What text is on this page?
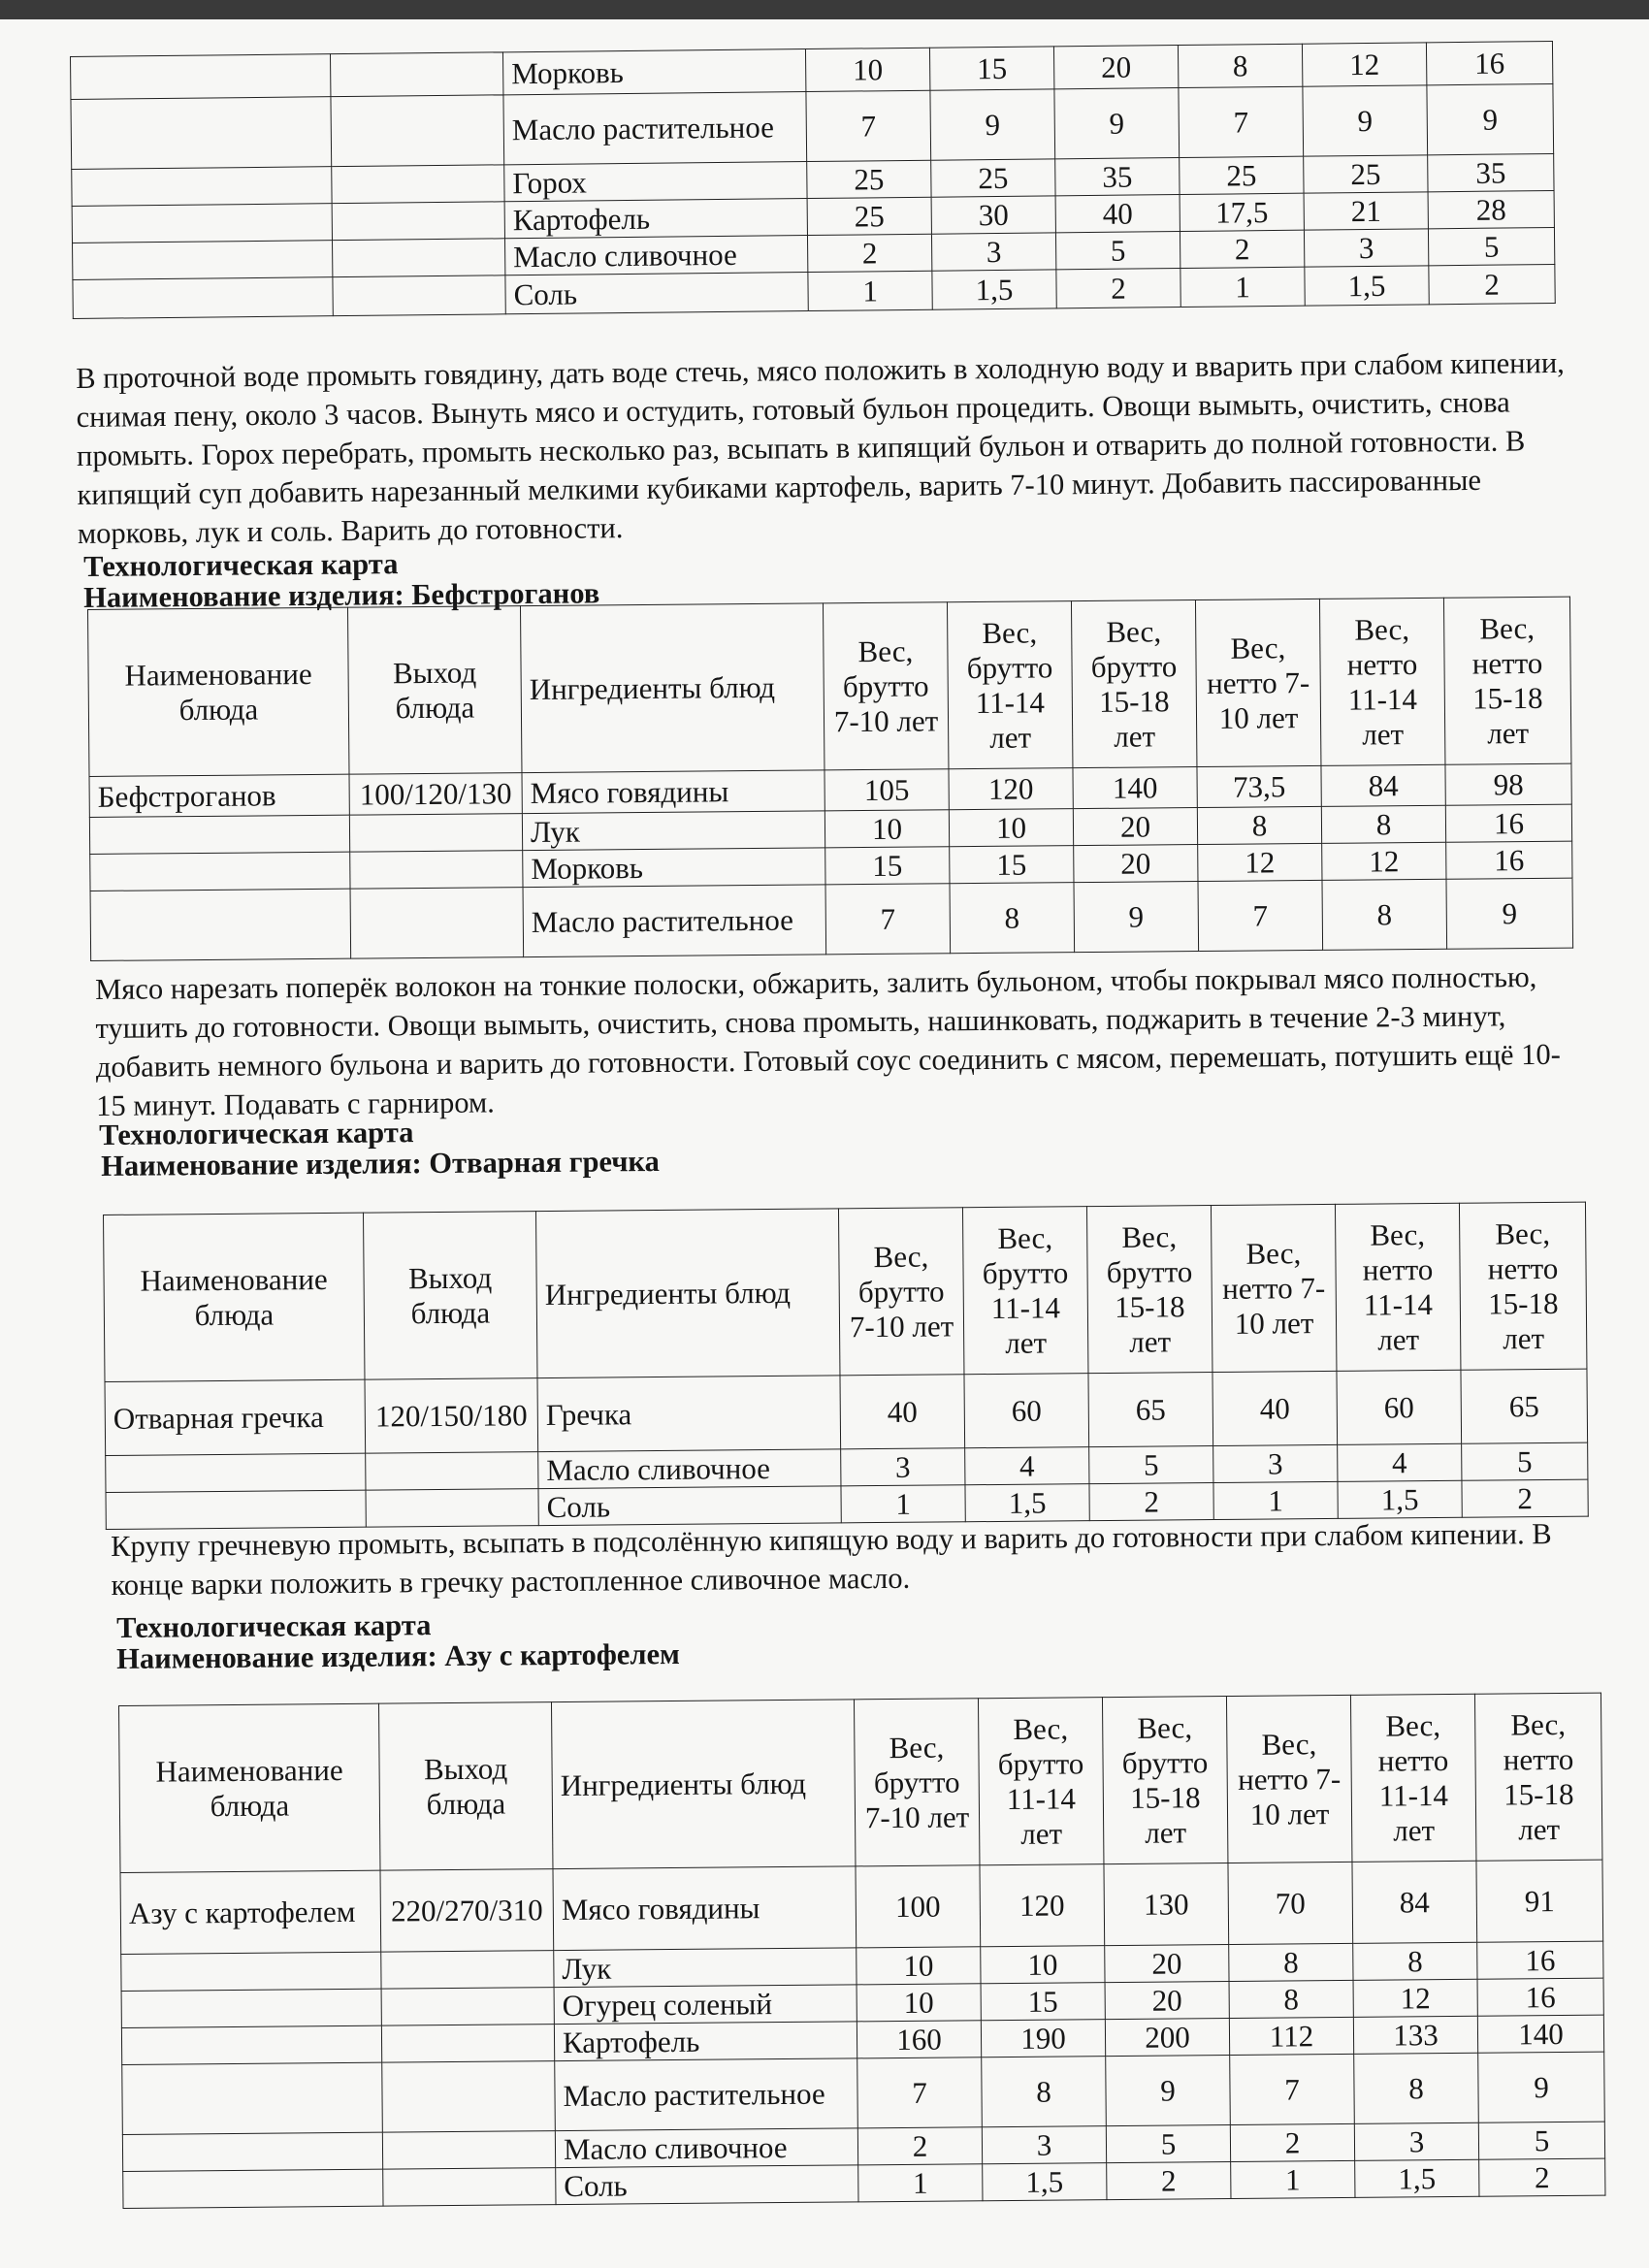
		Морковь	10	15	20	8	12	16
		Масло растительное	7	9	9	7	9	9
		Горох	25	25	35	25	25	35
		Картофель	25	30	40	17,5	21	28
		Масло сливочное	2	3	5	2	3	5
		Соль	1	1,5	2	1	1,5	2
В проточной воде промыть говядину, дать воде стечь, мясо положить в холодную воду и вварить при слабом кипении, снимая пену, около 3 часов. Вынуть мясо и остудить, готовый бульон процедить. Овощи вымыть, очистить, снова промыть. Горох перебрать, промыть несколько раз, всыпать в кипящий бульон и отварить до полной готовности. В кипящий суп добавить нарезанный мелкими кубиками картофель, варить 7-10 минут. Добавить пассированные морковь, лук и соль. Варить до готовности.
Технологическая карта
Наименование изделия: Бефстроганов
Наименование блюда	Выход блюда	Ингредиенты блюд	Вес, брутто 7-10 лет	Вес, брутто 11-14 лет	Вес, брутто 15-18 лет	Вес, нетто 7-10 лет	Вес, нетто 11-14 лет	Вес, нетто 15-18 лет
Бефстроганов	100/120/130	Мясо говядины	105	120	140	73,5	84	98
		Лук	10	10	20	8	8	16
		Морковь	15	15	20	12	12	16
		Масло растительное	7	8	9	7	8	9
Мясо нарезать поперёк волокон на тонкие полоски, обжарить, залить бульоном, чтобы покрывал мясо полностью, тушить до готовности. Овощи вымыть, очистить, снова промыть, нашинковать, поджарить в течение 2-3 минут, добавить немного бульона и варить до готовности. Готовый соус соединить с мясом, перемешать, потушить ещё 10-15 минут. Подавать с гарниром.
Технологическая карта
Наименование изделия: Отварная гречка
Наименование блюда	Выход блюда	Ингредиенты блюд	Вес, брутто 7-10 лет	Вес, брутто 11-14 лет	Вес, брутто 15-18 лет	Вес, нетто 7-10 лет	Вес, нетто 11-14 лет	Вес, нетто 15-18 лет
Отварная гречка	120/150/180	Гречка	40	60	65	40	60	65
		Масло сливочное	3	4	5	3	4	5
		Соль	1	1,5	2	1	1,5	2
Крупу гречневую промыть, всыпать в подсолённую кипящую воду и варить до готовности при слабом кипении. В конце варки положить в гречку растопленное сливочное масло.
Технологическая карта
Наименование изделия: Азу с картофелем
Наименование блюда	Выход блюда	Ингредиенты блюд	Вес, брутто 7-10 лет	Вес, брутто 11-14 лет	Вес, брутто 15-18 лет	Вес, нетто 7-10 лет	Вес, нетто 11-14 лет	Вес, нетто 15-18 лет
Азу с картофелем	220/270/310	Мясо говядины	100	120	130	70	84	91
		Лук	10	10	20	8	8	16
		Огурец соленый	10	15	20	8	12	16
		Картофель	160	190	200	112	133	140
		Масло растительное	7	8	9	7	8	9
		Масло сливочное	2	3	5	2	3	5
		Соль	1	1,5	2	1	1,5	2
